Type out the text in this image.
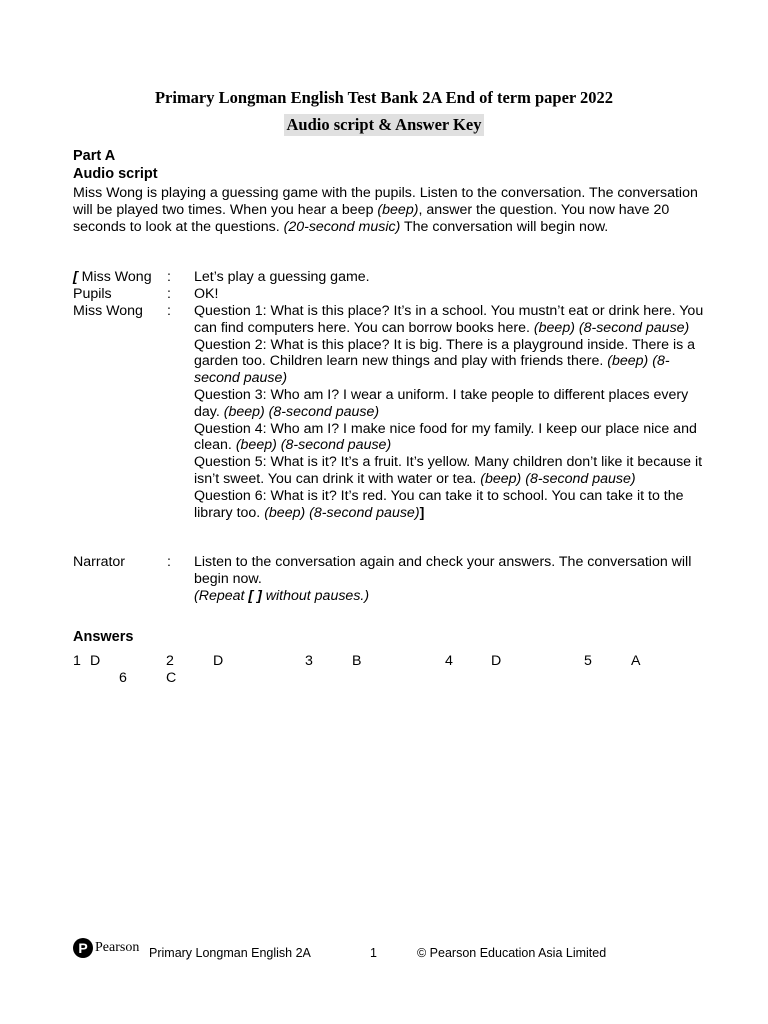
Primary Longman English Test Bank 2A End of term paper 2022
Audio script & Answer Key
Part A
Audio script
Miss Wong is playing a guessing game with the pupils. Listen to the conversation. The conversation will be played two times. When you hear a beep (beep), answer the question. You now have 20 seconds to look at the questions. (20-second music) The conversation will begin now.
[ Miss Wong : Let’s play a guessing game.
Pupils	: OK!
Miss Wong : Question 1: What is this place? It’s in a school. You mustn’t eat or drink here. You can find computers here. You can borrow books here. (beep) (8-second pause)
Question 2: What is this place? It is big. There is a playground inside. There is a garden too. Children learn new things and play with friends there. (beep) (8-second pause)
Question 3: Who am I? I wear a uniform. I take people to different places every day. (beep) (8-second pause)
Question 4: Who am I? I make nice food for my family. I keep our place nice and clean. (beep) (8-second pause)
Question 5: What is it? It’s a fruit. It’s yellow. Many children don’t like it because it isn’t sweet. You can drink it with water or tea. (beep) (8-second pause)
Question 6: What is it? It’s red. You can take it to school. You can take it to the library too. (beep) (8-second pause)]
Narrator	: Listen to the conversation again and check your answers. The conversation will begin now.
(Repeat [ ] without pauses.)
Answers
1 D	2	D	3	B	4	D	5	A
6	C
P Pearson Primary Longman English 2A	1	© Pearson Education Asia Limited
